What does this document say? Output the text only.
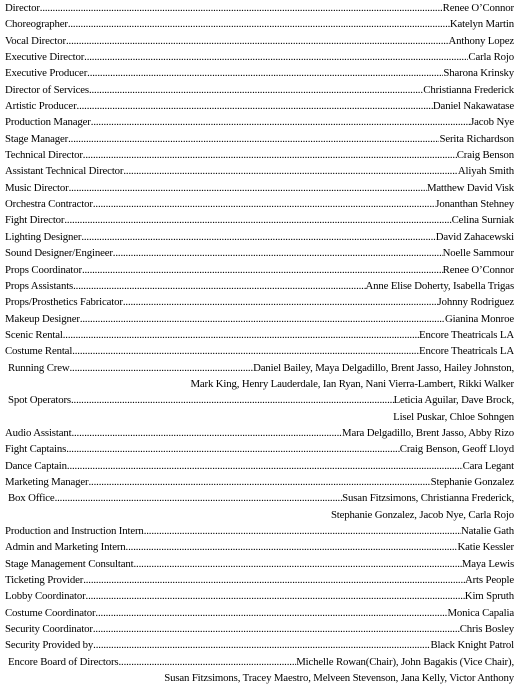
Director .....	Renee O’Connor
Choreographer .....	Katelyn Martin
Vocal Director .....	Anthony Lopez
Executive Director .....	Carla Rojo
Executive Producer .....	Sharona Krinsky
Director of Services .....	Christianna Frederick
Artistic Producer .....	Daniel Nakawatase
Production Manager .....	Jacob Nye
Stage Manager .....	Serita Richardson
Technical Director .....	Craig Benson
Assistant Technical Director .....	Aliyah Smith
Music Director .....	Matthew David Visk
Orchestra Contractor .....	Jonanthan Stehney
Fight Director .....	Celina Surniak
Lighting Designer .....	David Zahacewski
Sound Designer/Engineer .....	Noelle Sammour
Props Coordinator .....	Renee O’Connor
Props Assistants .....	Anne Elise Doherty, Isabella Trigas
Props/Prosthetics Fabricator .....	Johnny Rodriguez
Makeup Designer .....	Gianina Monroe
Scenic Rental .....	Encore Theatricals LA
Costume Rental .....	Encore Theatricals LA
Running Crew .....	Daniel Bailey, Maya Delgadillo, Brent Jasso, Hailey Johnston,
Mark King, Henry Lauderdale, Ian Ryan, Nani Vierra-Lambert, Rikki Walker
Spot Operators .....	Leticia Aguilar, Dave Brock,
Lisel Puskar, Chloe Sohngen
Audio Assistant .....	Mara Delgadillo, Brent Jasso, Abby Rizo
Fight Captains .....	Craig Benson, Geoff Lloyd
Dance Captain .....	Cara Legant
Marketing Manager .....	Stephanie Gonzalez
Box Office .....	Susan Fitzsimons, Christianna Frederick,
Stephanie Gonzalez, Jacob Nye, Carla Rojo
Production and Instruction Intern .....	Natalie Gath
Admin and Marketing Intern .....	Katie Kessler
Stage Management Consultant .....	Maya Lewis
Ticketing Provider .....	Arts People
Lobby Coordinator .....	Kim Spruth
Costume Coordinator .....	Monica Capalia
Security Coordinator .....	Chris Bosley
Security Provided by .....	Black Knight Patrol
Encore Board of Directors .....	Michelle Rowan(Chair), John Bagakis (Vice Chair),
Susan Fitzsimons, Tracey Maestro, Melveen Stevenson, Jana Kelly, Victor Anthony
